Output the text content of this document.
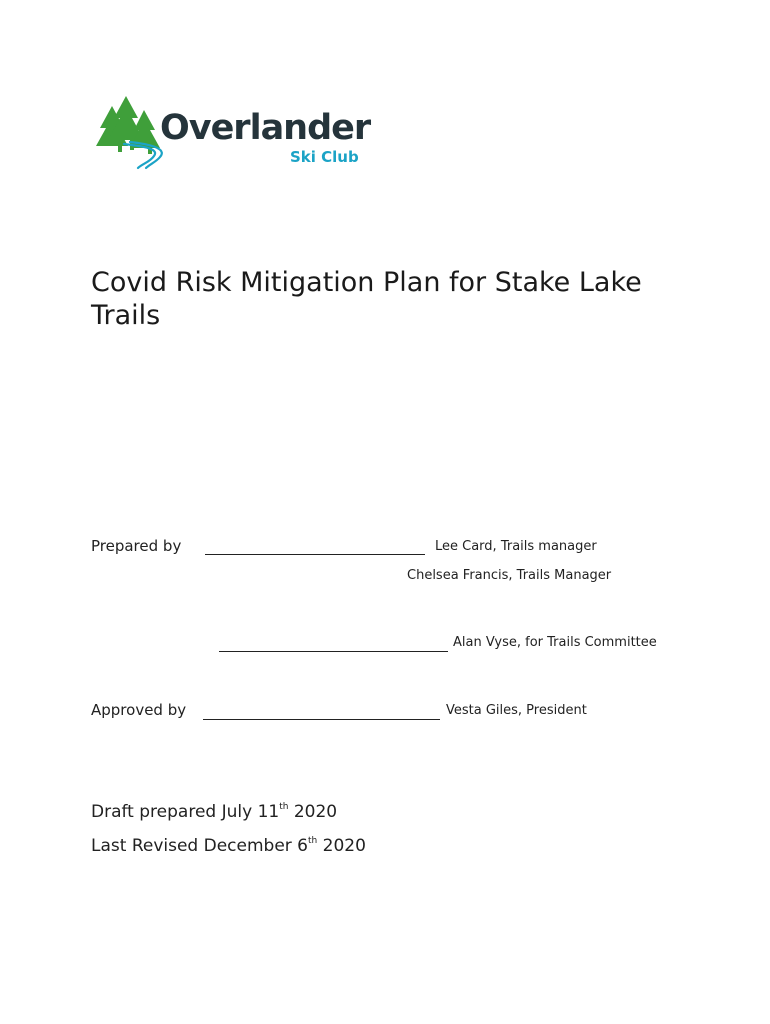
Overlander
Ski Club
Covid Risk Mitigation Plan for Stake Lake Trails
Prepared by	Lee Card, Trails manager
Chelsea Francis, Trails Manager
Alan Vyse, for Trails Committee
Approved by	Vesta Giles, President
Draft prepared July 11th 2020
Last Revised December 6th 2020
